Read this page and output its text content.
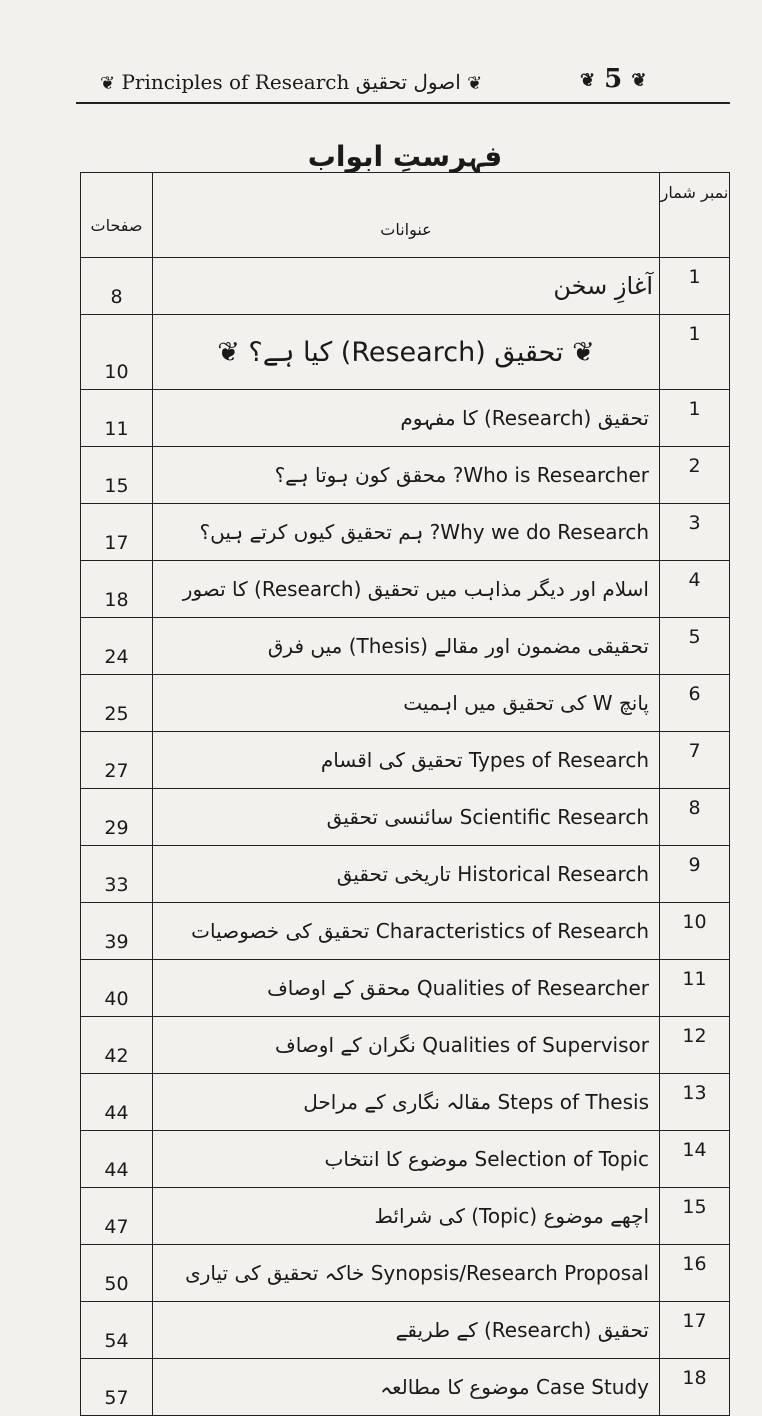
❦ Principles of Research اصول تحقیق ❦	❦ 5 ❦
فہرستِ ابواب
صفحات	عنوانات	نمبر شمار
8	آغازِ سخن	1
10	❦ تحقیق (Research) کیا ہے؟ ❦	1
11	تحقیق (Research) کا مفہوم	1
15	Who is Researcher? محقق کون ہوتا ہے؟	2
17	Why we do Research? ہم تحقیق کیوں کرتے ہیں؟	3
18	اسلام اور دیگر مذاہب میں تحقیق (Research) کا تصور	4
24	تحقیقی مضمون اور مقالے (Thesis) میں فرق	5
25	پانچ W کی تحقیق میں اہمیت	6
27	Types of Research تحقیق کی اقسام	7
29	Scientific Research سائنسی تحقیق	8
33	Historical Research تاریخی تحقیق	9
39	Characteristics of Research تحقیق کی خصوصیات	10
40	Qualities of Researcher محقق کے اوصاف	11
42	Qualities of Supervisor نگران کے اوصاف	12
44	Steps of Thesis مقالہ نگاری کے مراحل	13
44	Selection of Topic موضوع کا انتخاب	14
47	اچھے موضوع (Topic) کی شرائط	15
50	Synopsis/Research Proposal خاکہ تحقیق کی تیاری	16
54	تحقیق (Research) کے طریقے	17
57	Case Study موضوع کا مطالعہ	18
